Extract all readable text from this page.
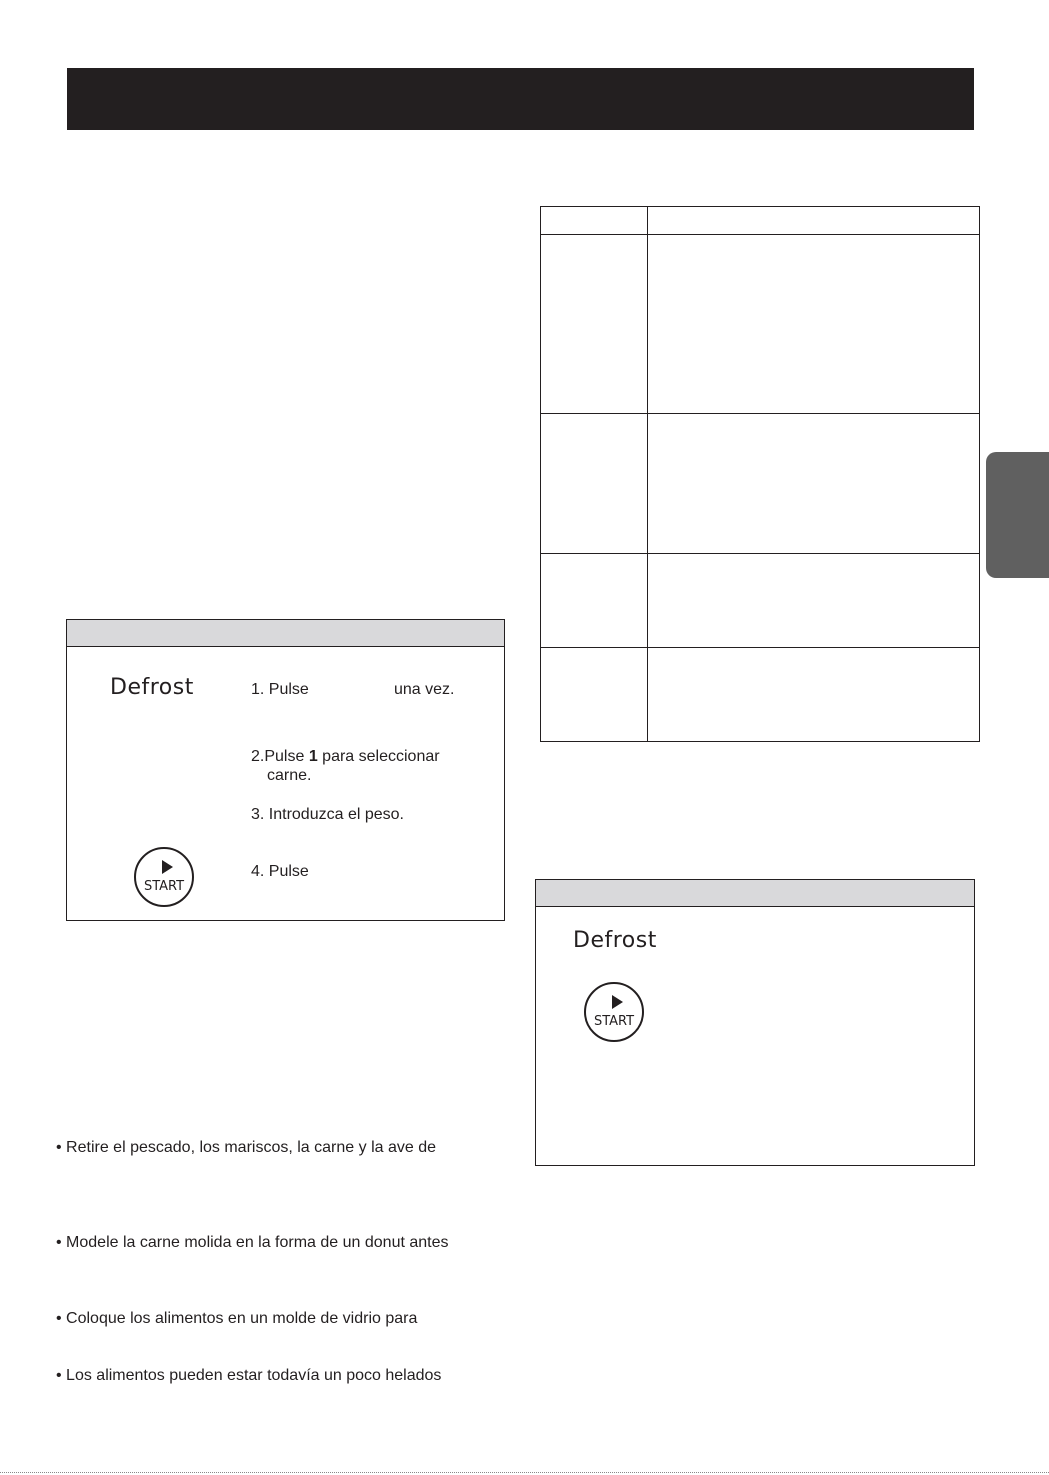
Defrost	1. Pulse	una vez.
2.Pulse 1 para seleccionar
carne.
3. Introduzca el peso.
4. Pulse
START
Defrost
START
• Retire el pescado, los mariscos, la carne y la ave de
• Modele la carne molida en la forma de un donut antes
• Coloque los alimentos en un molde de vidrio para
• Los alimentos pueden estar todavía un poco helados
